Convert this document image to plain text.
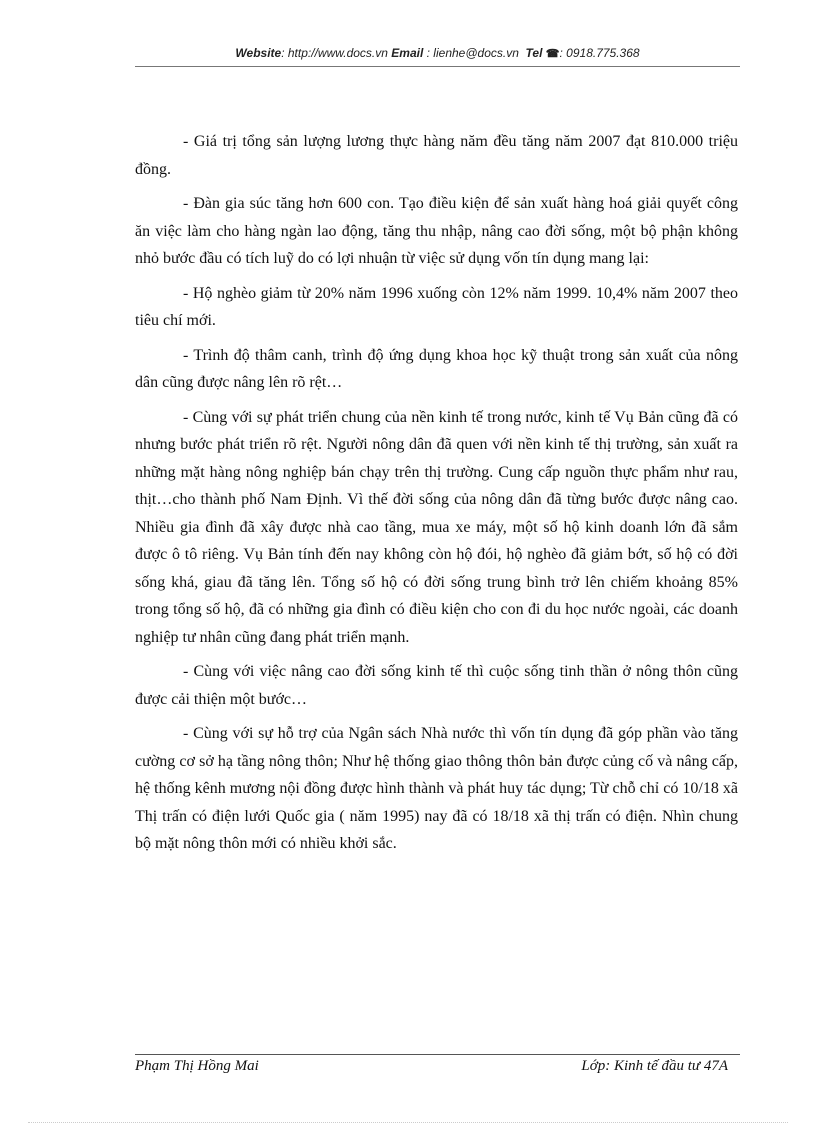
Website: http://www.docs.vn Email : lienhe@docs.vn Tel ☎: 0918.775.368

- Giá trị tổng sản lượng lương thực hàng năm đều tăng năm 2007 đạt 810.000 triệu đồng.

- Đàn gia súc tăng hơn 600 con. Tạo điều kiện để sản xuất hàng hoá giải quyết công ăn việc làm cho hàng ngàn lao động, tăng thu nhập, nâng cao đời sống, một bộ phận không nhỏ bước đầu có tích luỹ do có lợi nhuận từ việc sử dụng vốn tín dụng mang lại:

- Hộ nghèo giảm từ 20% năm 1996 xuống còn 12% năm 1999. 10,4% năm 2007 theo tiêu chí mới.

- Trình độ thâm canh, trình độ ứng dụng khoa học kỹ thuật trong sản xuất của nông dân cũng được nâng lên rõ rệt…

- Cùng với sự phát triển chung của nền kinh tế trong nước, kinh tế Vụ Bản cũng đã có nhưng bước phát triển rõ rệt. Người nông dân đã quen với nền kinh tế thị trường, sản xuất ra những mặt hàng nông nghiệp bán chạy trên thị trường. Cung cấp nguồn thực phẩm như rau, thịt…cho thành phố Nam Định. Vì thế đời sống của nông dân đã từng bước được nâng cao. Nhiều gia đình đã xây được nhà cao tầng, mua xe máy, một số hộ kinh doanh lớn đã sắm được ô tô riêng. Vụ Bản tính đến nay không còn hộ đói, hộ nghèo đã giảm bớt, số hộ có đời sống khá, giau đã tăng lên. Tổng số hộ có đời sống trung bình trở lên chiếm khoảng 85% trong tổng số hộ, đã có những gia đình có điều kiện cho con đi du học nước ngoài, các doanh nghiệp tư nhân cũng đang phát triển mạnh.

- Cùng với việc nâng cao đời sống kinh tế thì cuộc sống tinh thần ở nông thôn cũng được cải thiện một bước…

- Cùng với sự hỗ trợ của Ngân sách Nhà nước thì vốn tín dụng đã góp phần vào tăng cường cơ sở hạ tầng nông thôn; Như hệ thống giao thông thôn bản được củng cố và nâng cấp, hệ thống kênh mương nội đồng được hình thành và phát huy tác dụng; Từ chỗ chỉ có 10/18 xã Thị trấn có điện lưới Quốc gia ( năm 1995) nay đã có 18/18 xã thị trấn có điện. Nhìn chung bộ mặt nông thôn mới có nhiều khởi sắc.

Phạm Thị Hồng Mai	Lớp: Kinh tế đầu tư 47A
